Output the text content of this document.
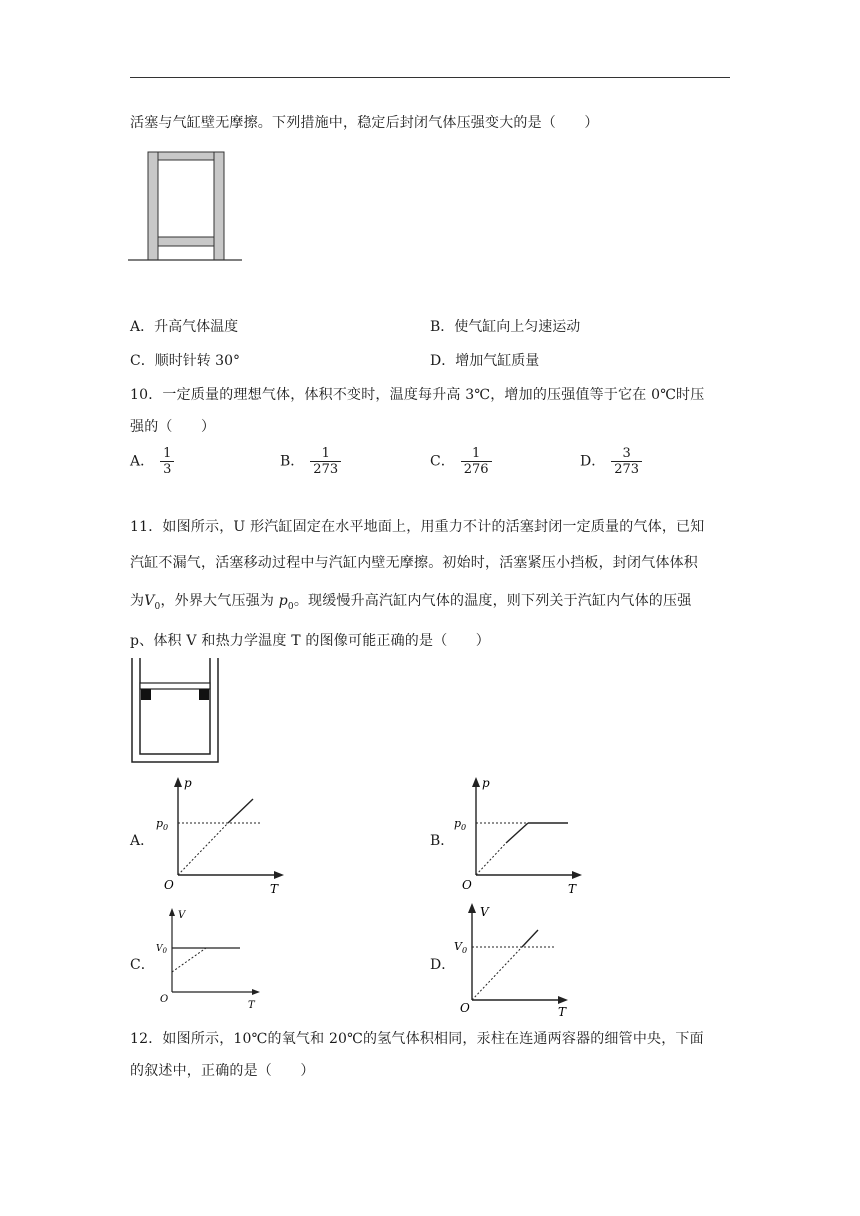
活塞与气缸壁无摩擦。下列措施中，稳定后封闭气体压强变大的是（　　）
A．升高气体温度	B．使气缸向上匀速运动
C．顺时针转 30°	D．增加气缸质量
10．一定质量的理想气体，体积不变时，温度每升高 3℃，增加的压强值等于它在 0℃时压
强的（　　）
A． $\frac{1}{3}$	B． $\frac{1}{273}$	C． $\frac{1}{276}$	D． $\frac{3}{273}$
11．如图所示，U 形汽缸固定在水平地面上，用重力不计的活塞封闭一定质量的气体，已知
汽缸不漏气，活塞移动过程中与汽缸内壁无摩擦。初始时，活塞紧压小挡板，封闭气体体积
为$V_0$，外界大气压强为 $p_0$。现缓慢升高汽缸内气体的温度，则下列关于汽缸内气体的压强
p、体积 V 和热力学温度 T 的图像可能正确的是（　　）
A．
p
$p_0$
O	T
B．
p
$p_0$
O	T
C．
V
$V_0$
O
T
D．
V
$V_0$
O	T
12．如图所示，10℃的氧气和 20℃的氢气体积相同，汞柱在连通两容器的细管中央，下面
的叙述中，正确的是（　　）
